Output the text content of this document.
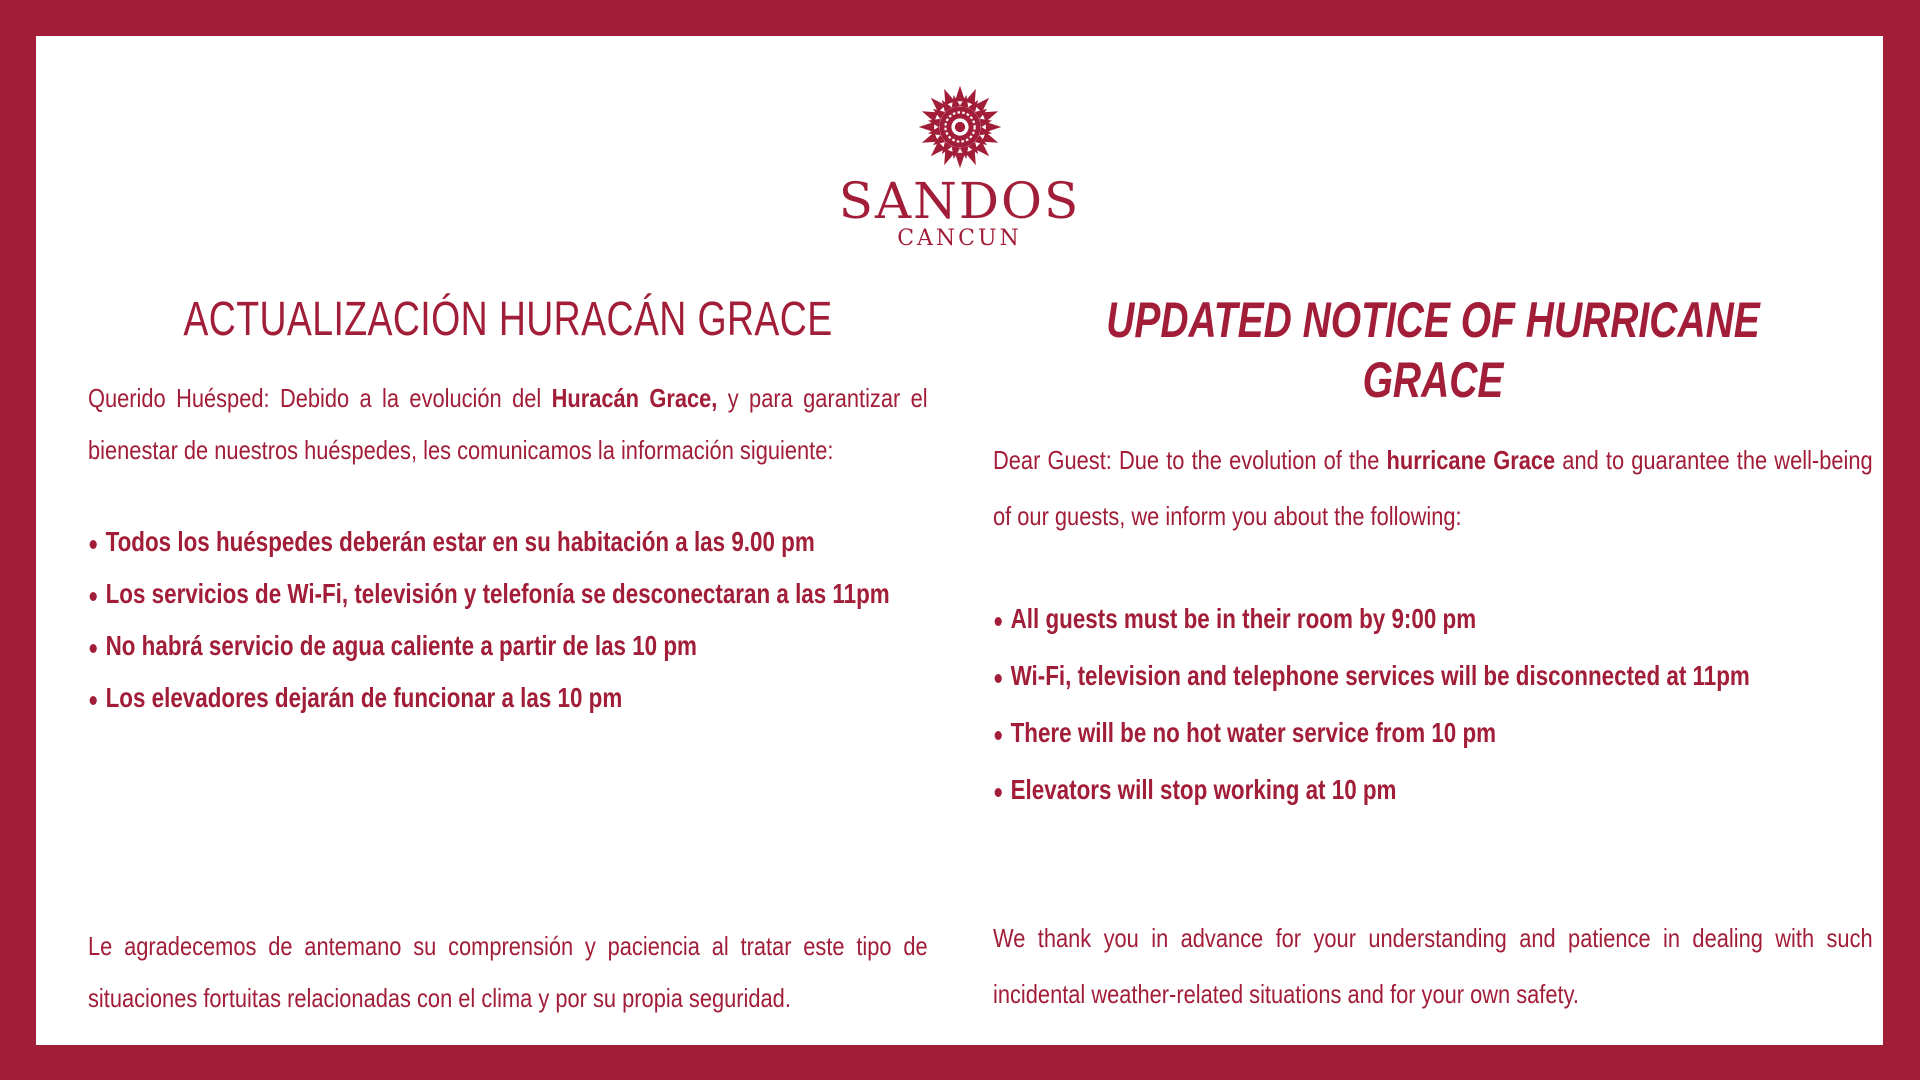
SANDOS
CANCUN
ACTUALIZACIÓN HURACÁN GRACE

Querido Huésped: Debido a la evolución del Huracán Grace, y para garantizar el bienestar de nuestros huéspedes, les comunicamos la información siguiente:

Todos los huéspedes deberán estar en su habitación a las 9.00 pm
Los servicios de Wi-Fi, televisión y telefonía se desconectaran a las 11pm
No habrá servicio de agua caliente a partir de las 10 pm
Los elevadores dejarán de funcionar a las 10 pm

Le agradecemos de antemano su comprensión y paciencia al tratar este tipo de situaciones fortuitas relacionadas con el clima y por su propia seguridad.

UPDATED NOTICE OF HURRICANE GRACE

Dear Guest: Due to the evolution of the hurricane Grace and to guarantee the well-being of our guests, we inform you about the following:

All guests must be in their room by 9:00 pm
Wi-Fi, television and telephone services will be disconnected at 11pm
There will be no hot water service from 10 pm
Elevators will stop working at 10 pm

We thank you in advance for your understanding and patience in dealing with such incidental weather-related situations and for your own safety.
